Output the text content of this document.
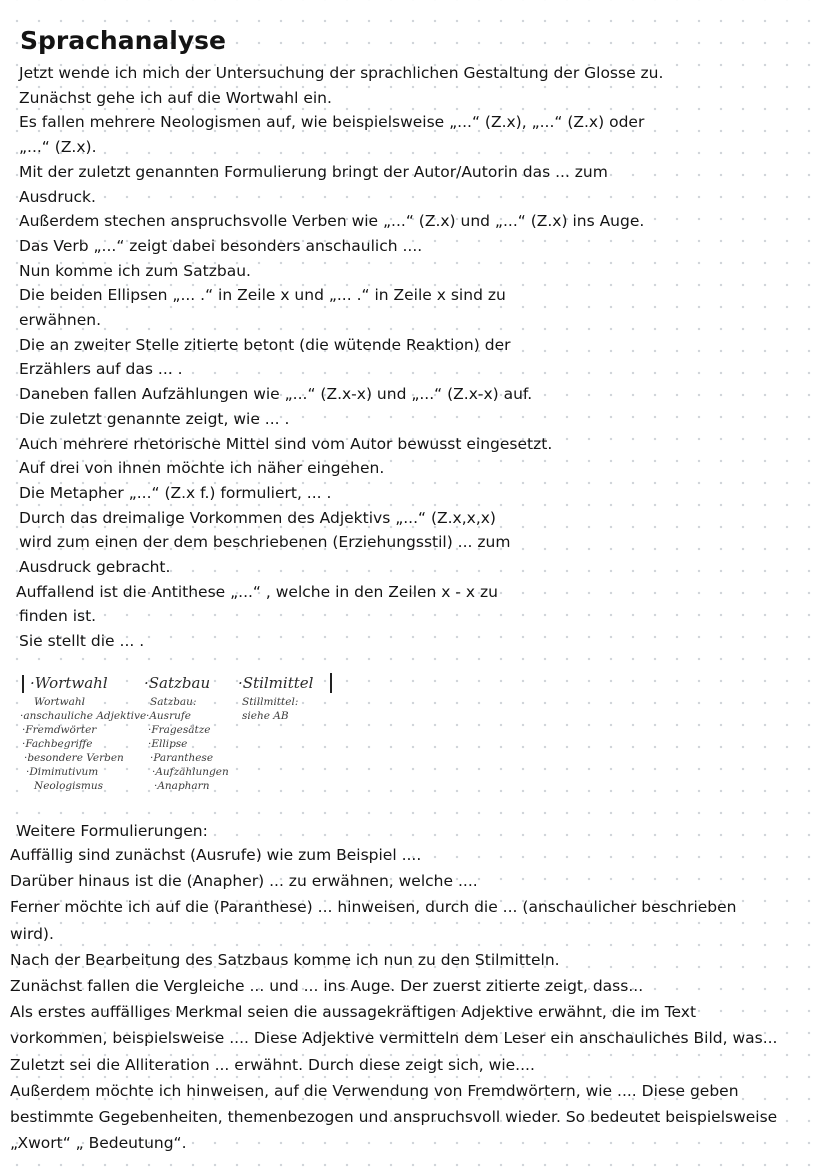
Sprachanalyse
Jetzt wende ich mich der Untersuchung der sprachlichen Gestaltung der Glosse zu.
Zunächst gehe ich auf die Wortwahl ein.
Es fallen mehrere Neologismen auf, wie beispielsweise „...“ (Z.x), „...“ (Z.x) oder
„...“ (Z.x).
Mit der zuletzt genannten Formulierung bringt der Autor/Autorin das ... zum
Ausdruck.
Außerdem stechen anspruchsvolle Verben wie „...“ (Z.x) und „...“ (Z.x) ins Auge.
Das Verb „...“ zeigt dabei besonders anschaulich ....
Nun komme ich zum Satzbau.
Die beiden Ellipsen „... .“ in Zeile x und „... .“ in Zeile x sind zu
erwähnen.
Die an zweiter Stelle zitierte betont (die wütende Reaktion) der
Erzählers auf das ... .
Daneben fallen Aufzählungen wie „...“ (Z.x-x) und „...“ (Z.x-x) auf.
Die zuletzt genannte zeigt, wie ... .
Auch mehrere rhetorische Mittel sind vom Autor bewusst eingesetzt.
Auf drei von ihnen möchte ich näher eingehen.
Die Metapher „...“ (Z.x f.) formuliert, ... .
Durch das dreimalige Vorkommen des Adjektivs „...“ (Z.x,x,x)
wird zum einen der dem beschriebenen (Erziehungsstil) ... zum
Ausdruck gebracht.
Auffallend ist die Antithese „...“ , welche in den Zeilen x - x zu
finden ist.
Sie stellt die ... .
·Wortwahl
Wortwahl
·anschauliche Adjektive
·Fremdwörter
·Fachbegriffe
·besondere Verben
·Diminutivum
Neologismus
·Satzbau
Satzbau:
·Ausrufe
·Fragesätze
·Ellipse
·Paranthese
·Aufzählungen
·Anapharn
·Stilmittel
Stillmittel:
siehe AB
Weitere Formulierungen:
Auffällig sind zunächst (Ausrufe) wie zum Beispiel ....
Darüber hinaus ist die (Anapher) ... zu erwähnen, welche ....
Ferner möchte ich auf die (Paranthese) ... hinweisen, durch die ... (anschaulicher beschrieben
wird).
Nach der Bearbeitung des Satzbaus komme ich nun zu den Stilmitteln.
Zunächst fallen die Vergleiche ... und ... ins Auge. Der zuerst zitierte zeigt, dass...
Als erstes auffälliges Merkmal seien die aussagekräftigen Adjektive erwähnt, die im Text
vorkommen, beispielsweise .... Diese Adjektive vermitteln dem Leser ein anschauliches Bild, was...
Zuletzt sei die Alliteration ... erwähnt. Durch diese zeigt sich, wie....
Außerdem möchte ich hinweisen, auf die Verwendung von Fremdwörtern, wie .... Diese geben
bestimmte Gegebenheiten, themenbezogen und anspruchsvoll wieder. So bedeutet beispielsweise
„Xwort“ „ Bedeutung“.
